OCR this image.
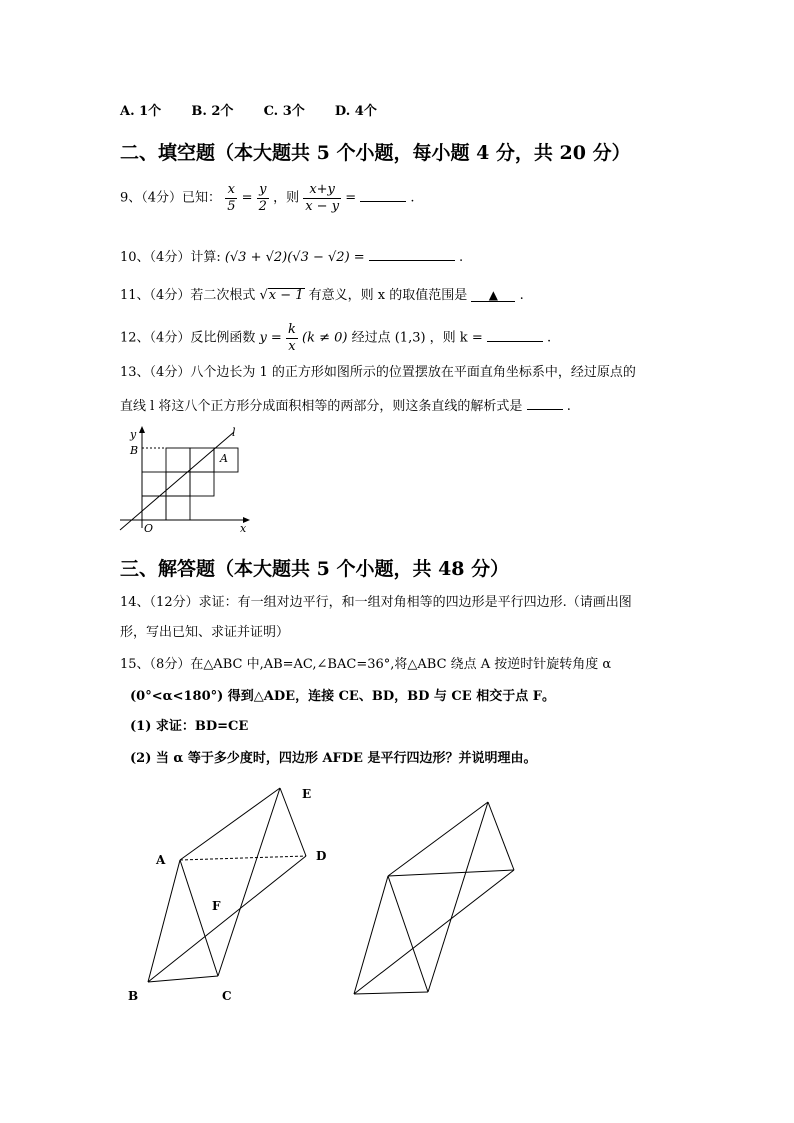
A. 1个 B. 2个 C. 3个 D. 4个
二、填空题（本大题共 5 个小题，每小题 4 分，共 20 分）
9、（4分）已知： $\frac{x}{5} = \frac{y}{2}$ ，则 $\frac{x+y}{x - y}$ =	.
10、（4分）计算: (√3 + √2)(√3 − √2) =	.
11、（4分）若二次根式 √x − 1 有意义，则 x 的取值范围是 ▲ .
12、（4分）反比例函数 $y = \frac{k}{x} (k \ne 0)$ 经过点 (1,3) ，则 k =	.
13、（4分）八个边长为 1 的正方形如图所示的位置摆放在平面直角坐标系中，经过原点的
直线 l 将这八个正方形分成面积相等的两部分，则这条直线的解析式是	.
y
B
A
l
O	x
三、解答题（本大题共 5 个小题，共 48 分）
14、（12分）求证：有一组对边平行，和一组对角相等的四边形是平行四边形.（请画出图
形，写出已知、求证并证明）
15、（8分）在△ABC 中,AB=AC,∠BAC=36°,将△ABC 绕点 A 按逆时针旋转角度 α
(0°<α<180°) 得到△ADE，连接 CE、BD，BD 与 CE 相交于点 F。
(1) 求证：BD=CE
(2) 当 α 等于多少度时，四边形 AFDE 是平行四边形？并说明理由。
E
D
A
F
B	C
